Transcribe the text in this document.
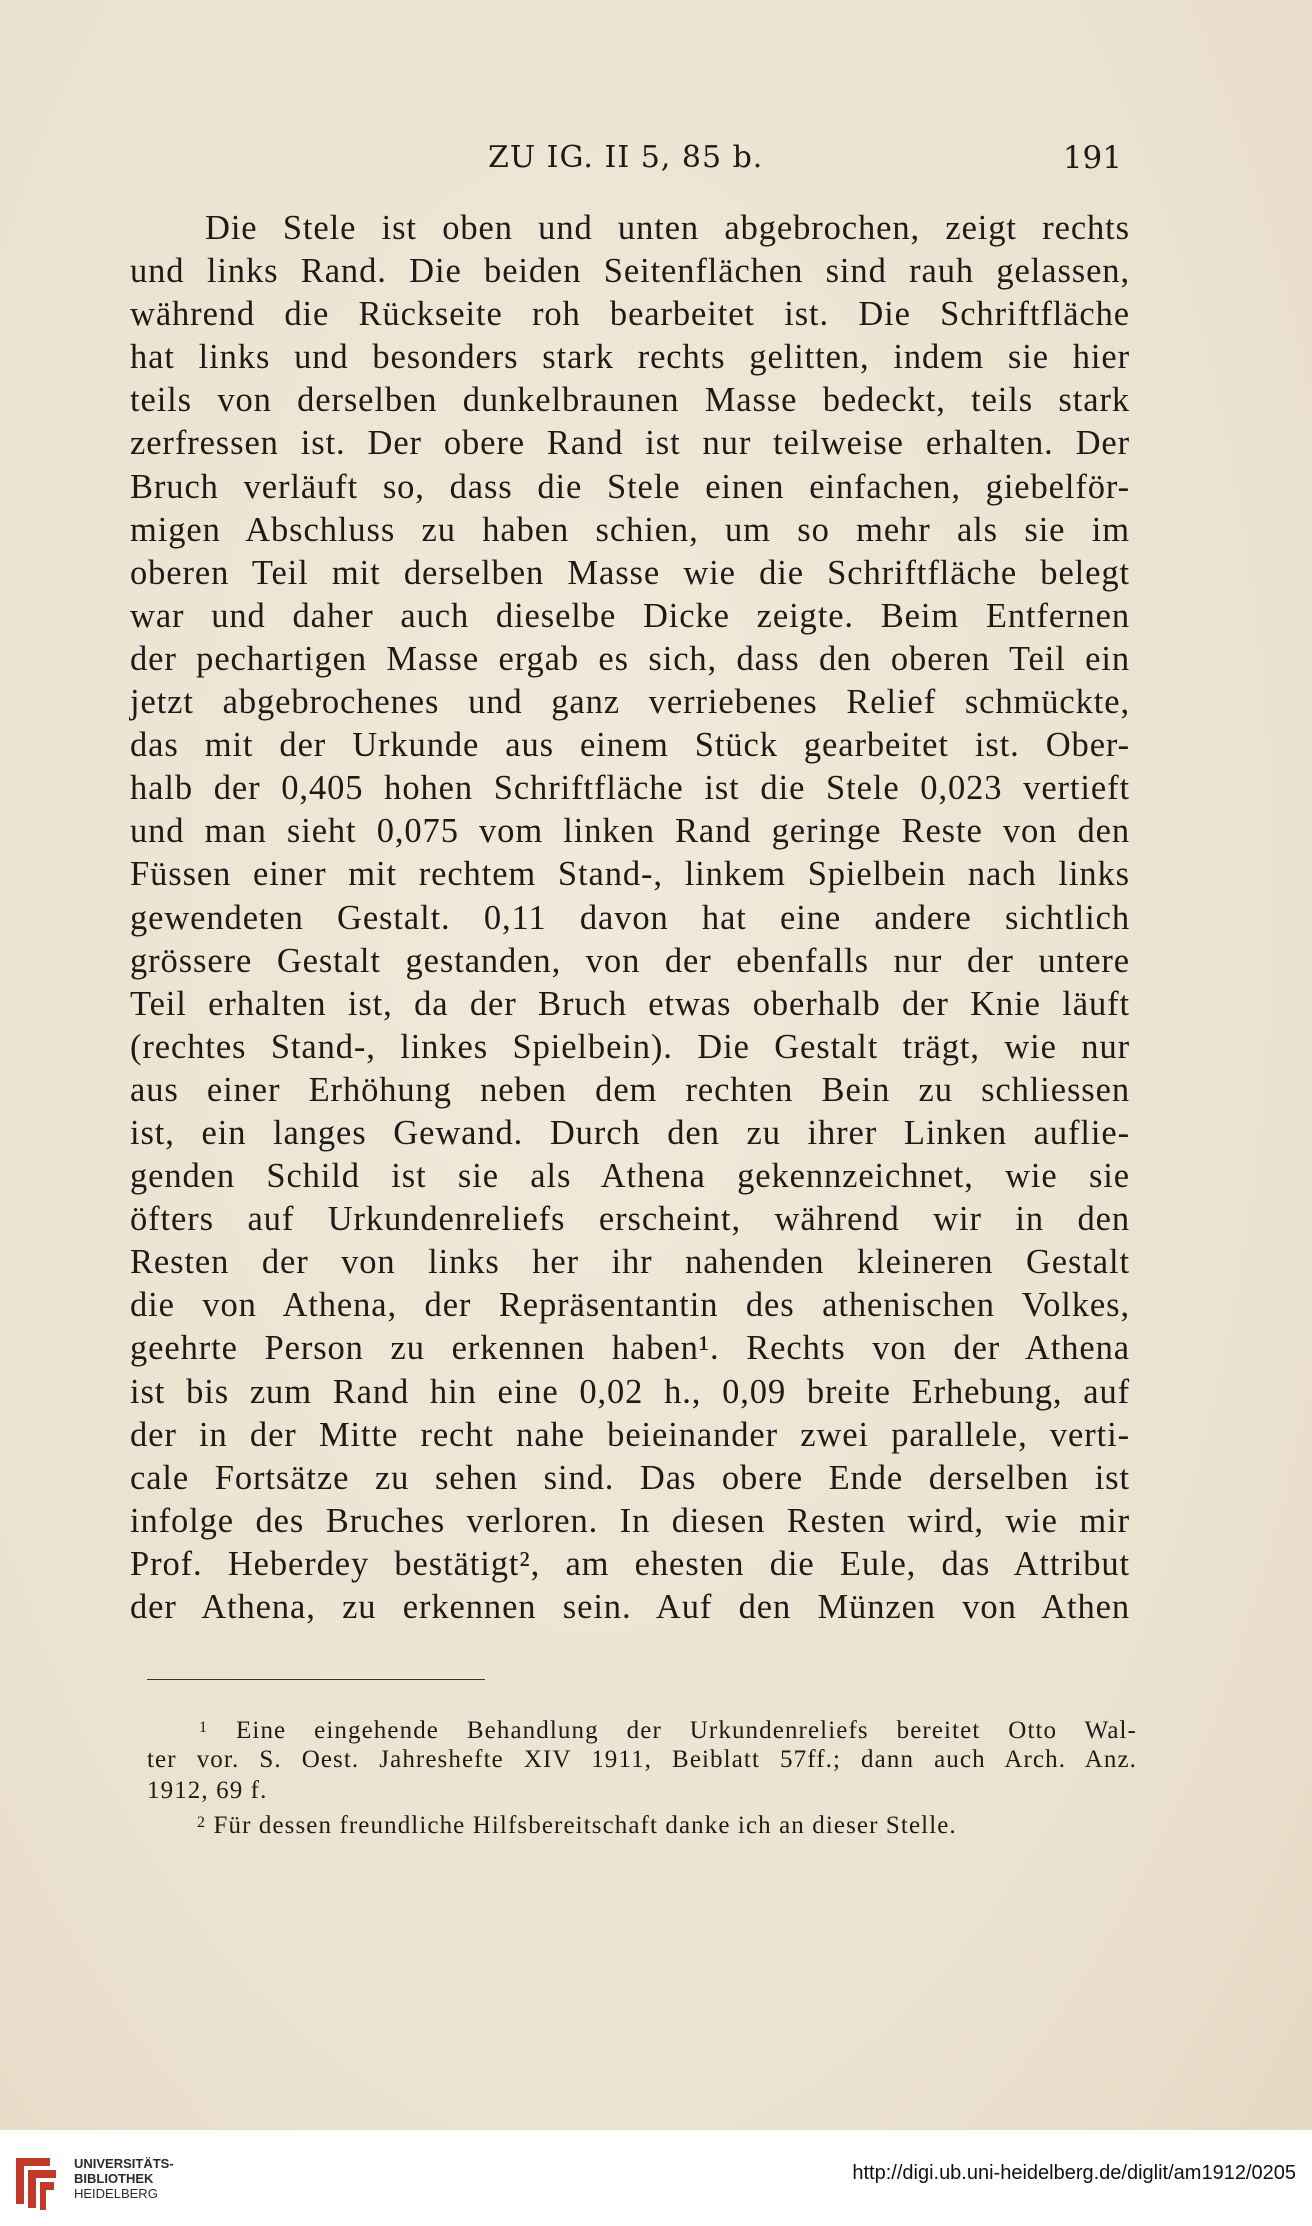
ZU IG. II 5, 85 b.	191
Die Stele ist oben und unten abgebrochen, zeigt rechts
und links Rand. Die beiden Seitenflächen sind rauh gelassen,
während die Rückseite roh bearbeitet ist. Die Schriftfläche
hat links und besonders stark rechts gelitten, indem sie hier
teils von derselben dunkelbraunen Masse bedeckt, teils stark
zerfressen ist. Der obere Rand ist nur teilweise erhalten. Der
Bruch verläuft so, dass die Stele einen einfachen, giebelför-
migen Abschluss zu haben schien, um so mehr als sie im
oberen Teil mit derselben Masse wie die Schriftfläche belegt
war und daher auch dieselbe Dicke zeigte. Beim Entfernen
der pechartigen Masse ergab es sich, dass den oberen Teil ein
jetzt abgebrochenes und ganz verriebenes Relief schmückte,
das mit der Urkunde aus einem Stück gearbeitet ist. Ober-
halb der 0,405 hohen Schriftfläche ist die Stele 0,023 vertieft
und man sieht 0,075 vom linken Rand geringe Reste von den
Füssen einer mit rechtem Stand-, linkem Spielbein nach links
gewendeten Gestalt. 0,11 davon hat eine andere sichtlich
grössere Gestalt gestanden, von der ebenfalls nur der untere
Teil erhalten ist, da der Bruch etwas oberhalb der Knie läuft
(rechtes Stand-, linkes Spielbein). Die Gestalt trägt, wie nur
aus einer Erhöhung neben dem rechten Bein zu schliessen
ist, ein langes Gewand. Durch den zu ihrer Linken auflie-
genden Schild ist sie als Athena gekennzeichnet, wie sie
öfters auf Urkundenreliefs erscheint, während wir in den
Resten der von links her ihr nahenden kleineren Gestalt
die von Athena, der Repräsentantin des athenischen Volkes,
geehrte Person zu erkennen haben¹. Rechts von der Athena
ist bis zum Rand hin eine 0,02 h., 0,09 breite Erhebung, auf
der in der Mitte recht nahe beieinander zwei parallele, verti-
cale Fortsätze zu sehen sind. Das obere Ende derselben ist
infolge des Bruches verloren. In diesen Resten wird, wie mir
Prof. Heberdey bestätigt², am ehesten die Eule, das Attribut
der Athena, zu erkennen sein. Auf den Münzen von Athen
$^1$ Eine eingehende Behandlung der Urkundenreliefs bereitet Otto Wal-
ter vor. S. Oest. Jahreshefte XIV 1911, Beiblatt 57ff.; dann auch Arch. Anz.
1912, 69 f.
$^2$ Für dessen freundliche Hilfsbereitschaft danke ich an dieser Stelle.
UNIVERSITÄTS-
BIBLIOTHEK
HEIDELBERG
http://digi.ub.uni-heidelberg.de/diglit/am1912/0205
